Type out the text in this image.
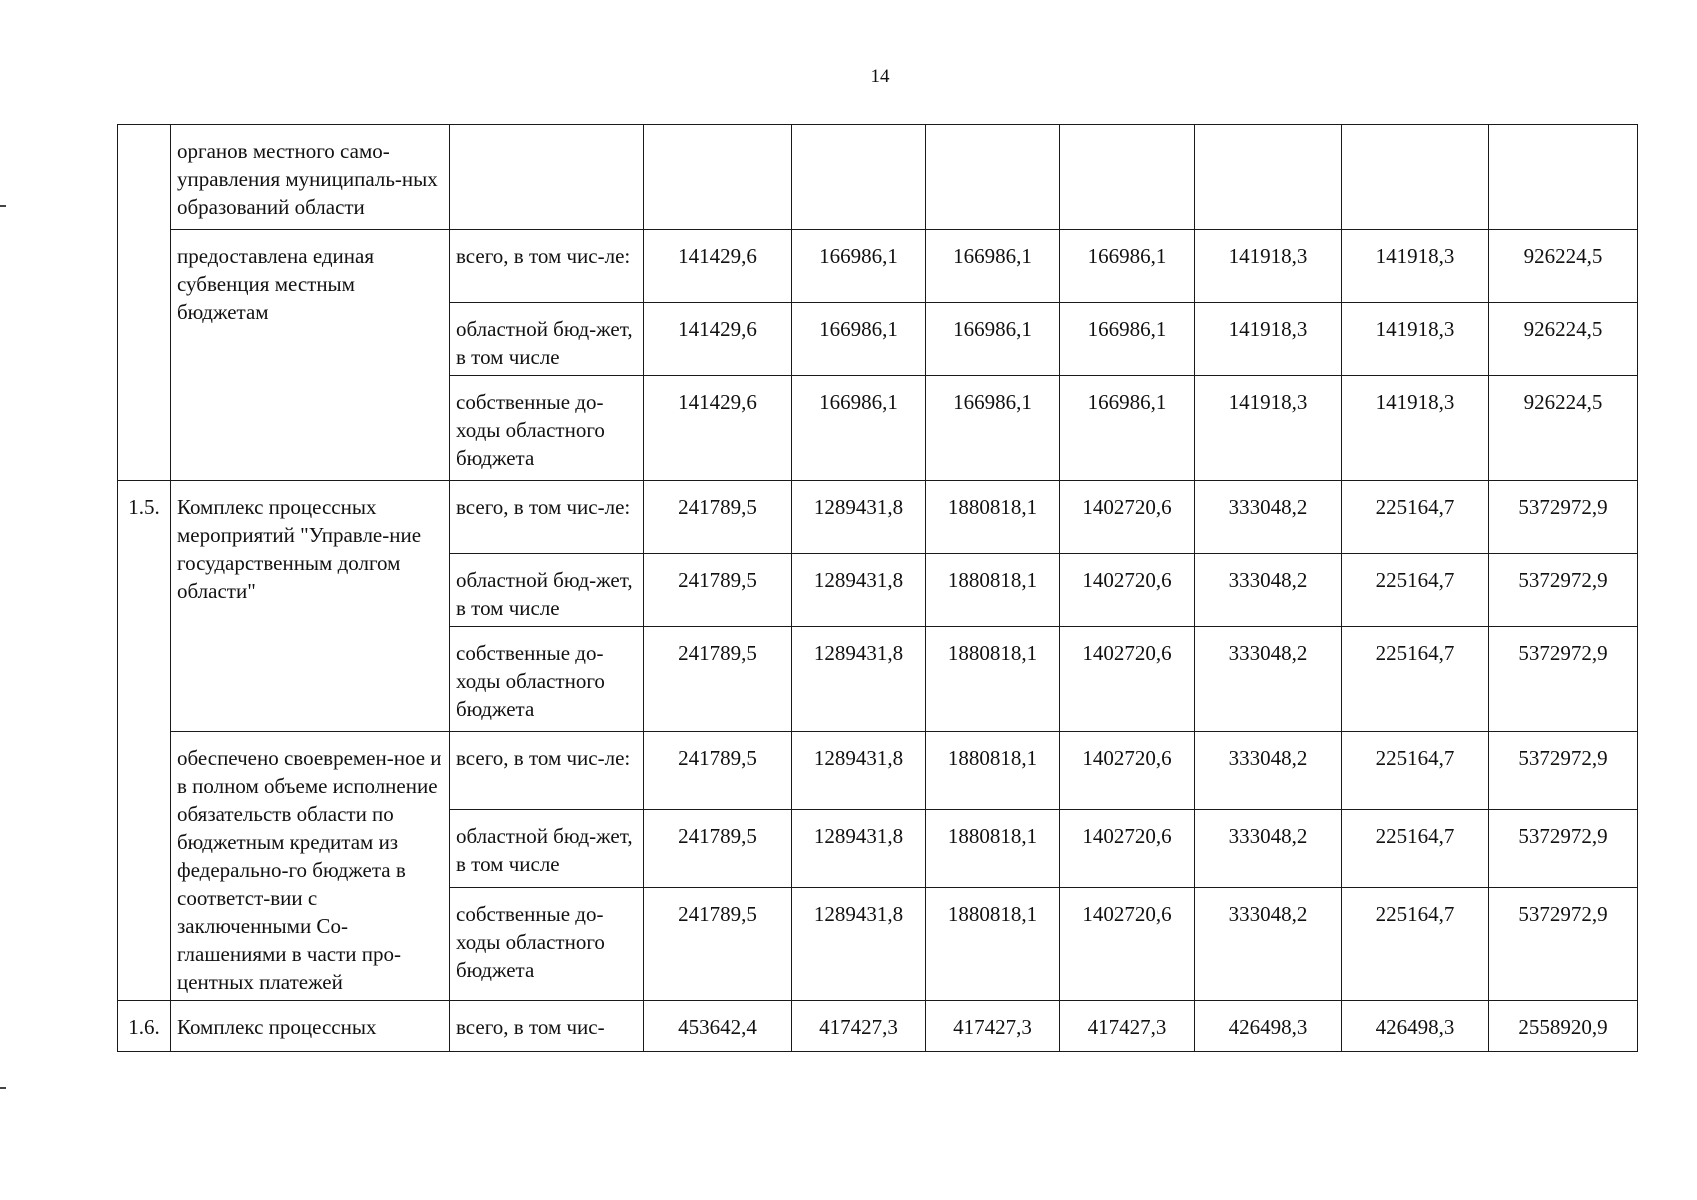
14
	органов местного само-управления муниципаль-ных образований области								
	предоставлена единая субвенция местным бюджетам	всего, в том чис-ле:	141429,6	166986,1	166986,1	166986,1	141918,3	141918,3	926224,5
		областной бюд-жет, в том числе	141429,6	166986,1	166986,1	166986,1	141918,3	141918,3	926224,5
		собственные до-ходы областного бюджета	141429,6	166986,1	166986,1	166986,1	141918,3	141918,3	926224,5
1.5.	Комплекс процессных мероприятий "Управле-ние государственным долгом области"	всего, в том чис-ле:	241789,5	1289431,8	1880818,1	1402720,6	333048,2	225164,7	5372972,9
		областной бюд-жет, в том числе	241789,5	1289431,8	1880818,1	1402720,6	333048,2	225164,7	5372972,9
		собственные до-ходы областного бюджета	241789,5	1289431,8	1880818,1	1402720,6	333048,2	225164,7	5372972,9
	обеспечено своевремен-ное и в полном объеме исполнение обязательств области по бюджетным кредитам из федерально-го бюджета в соответст-вии с заключенными Со-глашениями в части про-центных платежей	всего, в том чис-ле:	241789,5	1289431,8	1880818,1	1402720,6	333048,2	225164,7	5372972,9
		областной бюд-жет, в том числе	241789,5	1289431,8	1880818,1	1402720,6	333048,2	225164,7	5372972,9
		собственные до-ходы областного бюджета	241789,5	1289431,8	1880818,1	1402720,6	333048,2	225164,7	5372972,9
1.6.	Комплекс процессных	всего, в том чис-	453642,4	417427,3	417427,3	417427,3	426498,3	426498,3	2558920,9
